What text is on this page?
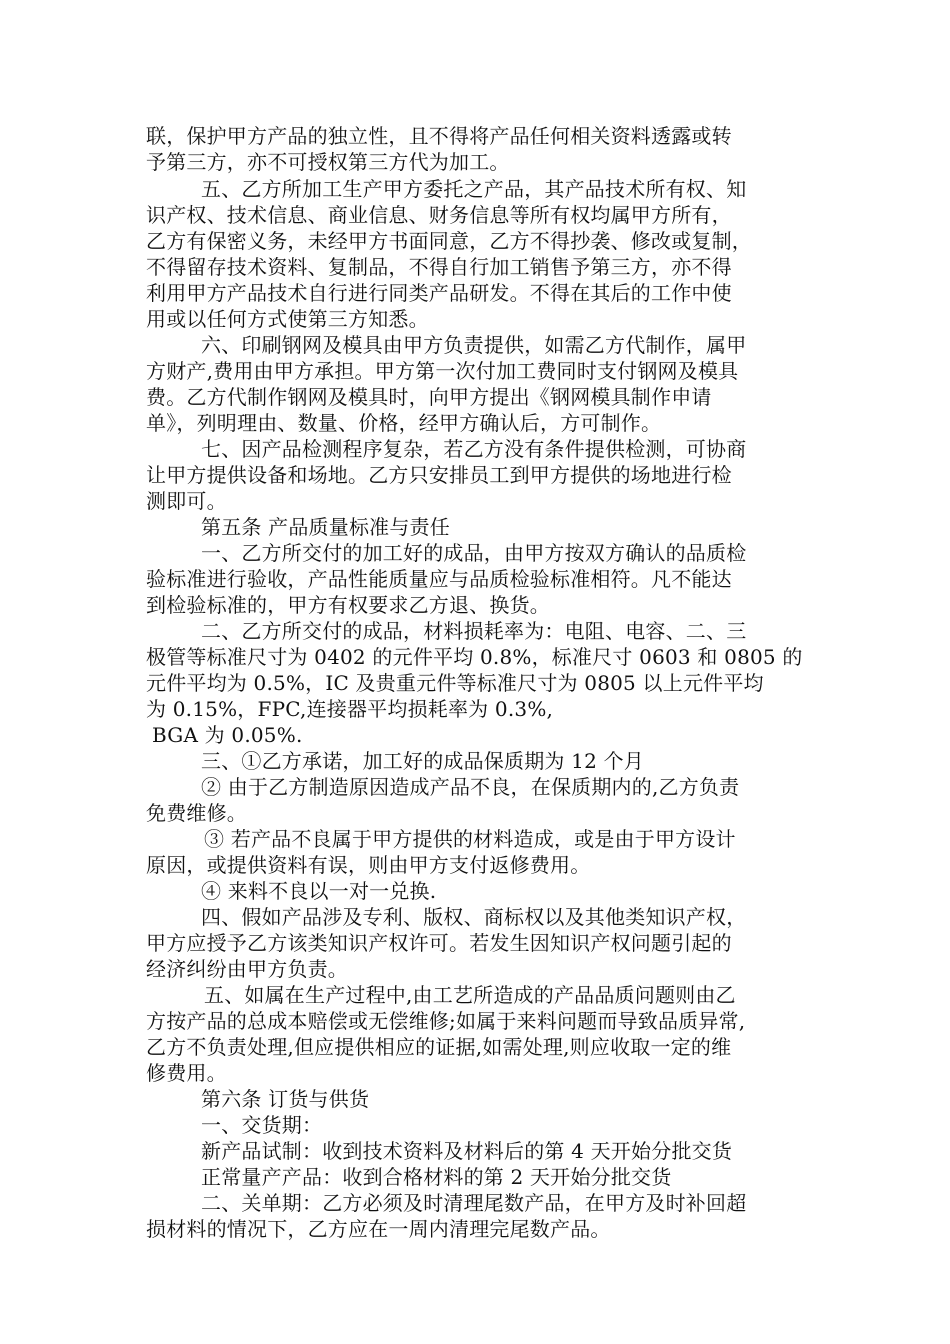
联，保护甲方产品的独立性，且不得将产品任何相关资料透露或转
予第三方，亦不可授权第三方代为加工。
五、乙方所加工生产甲方委托之产品，其产品技术所有权、知
识产权、技术信息、商业信息、财务信息等所有权均属甲方所有，
乙方有保密义务，未经甲方书面同意，乙方不得抄袭、修改或复制，
不得留存技术资料、复制品，不得自行加工销售予第三方，亦不得
利用甲方产品技术自行进行同类产品研发。不得在其后的工作中使
用或以任何方式使第三方知悉。
六、印刷钢网及模具由甲方负责提供，如需乙方代制作，属甲
方财产,费用由甲方承担。甲方第一次付加工费同时支付钢网及模具
费。乙方代制作钢网及模具时，向甲方提出《钢网模具制作申请
单》，列明理由、数量、价格，经甲方确认后，方可制作。
七、因产品检测程序复杂，若乙方没有条件提供检测，可协商
让甲方提供设备和场地。乙方只安排员工到甲方提供的场地进行检
测即可。
第五条 产品质量标准与责任
一、乙方所交付的加工好的成品，由甲方按双方确认的品质检
验标准进行验收，产品性能质量应与品质检验标准相符。凡不能达
到检验标准的，甲方有权要求乙方退、换货。
二、乙方所交付的成品，材料损耗率为：电阻、电容、二、三
极管等标准尺寸为 0402 的元件平均 0.8%，标准尺寸 0603 和 0805 的
元件平均为 0.5%，IC 及贵重元件等标准尺寸为 0805 以上元件平均
为 0.15%，FPC,连接器平均损耗率为 0.3%,
BGA 为 0.05%.
三、①乙方承诺，加工好的成品保质期为 12 个月
② 由于乙方制造原因造成产品不良，在保质期内的,乙方负责
免费维修。
③ 若产品不良属于甲方提供的材料造成，或是由于甲方设计
原因，或提供资料有误，则由甲方支付返修费用。
④ 来料不良以一对一兑换.
四、假如产品涉及专利、版权、商标权以及其他类知识产权，
甲方应授予乙方该类知识产权许可。若发生因知识产权问题引起的
经济纠纷由甲方负责。
五、如属在生产过程中,由工艺所造成的产品品质问题则由乙
方按产品的总成本赔偿或无偿维修;如属于来料问题而导致品质异常,
乙方不负责处理,但应提供相应的证据,如需处理,则应收取一定的维
修费用。
第六条 订货与供货
一、交货期：
新产品试制：收到技术资料及材料后的第 4 天开始分批交货
正常量产产品：收到合格材料的第 2 天开始分批交货
二、关单期：乙方必须及时清理尾数产品，在甲方及时补回超
损材料的情况下，乙方应在一周内清理完尾数产品。
